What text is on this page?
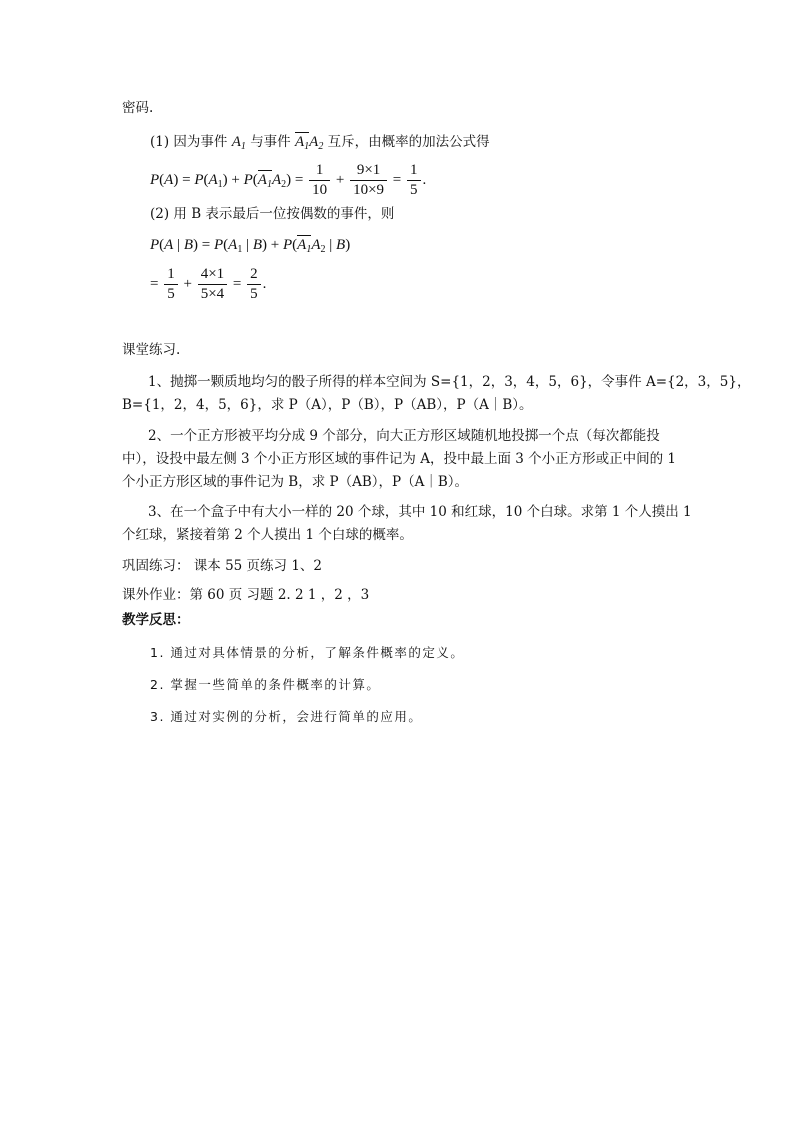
密码.
(1) 因为事件 $A_1$ 与事件 $A_1A_2$ 互斥，由概率的加法公式得
$P(A) = P(A_1) + P(A_1A_2) = \frac{1}{10} + \frac{9\times 1}{10\times 9} = \frac{1}{5}$ .
(2) 用 B 表示最后一位按偶数的事件，则
P(A | $B) = P(A_1$ | $B) + P(A_1A_2$ | B)
= $\frac{1}{5} + \frac{4\times 1}{5\times 4} = \frac{2}{5}$ .
课堂练习.
1、抛掷一颗质地均匀的骰子所得的样本空间为 S={1，2，3，4，5，6}，令事件 A={2，3，5}，
B={1，2，4，5，6}，求 P（A），P（B），P（AB），P（A｜B）。
2、一个正方形被平均分成 9 个部分，向大正方形区域随机地投掷一个点（每次都能投
中），设投中最左侧 3 个小正方形区域的事件记为 A，投中最上面 3 个小正方形或正中间的 1
个小正方形区域的事件记为 B，求 P（AB），P（A｜B）。
3、在一个盒子中有大小一样的 20 个球，其中 10 和红球，10 个白球。求第 1 个人摸出 1
个红球，紧接着第 2 个人摸出 1 个白球的概率。
巩固练习： 课本 55 页练习 1、2
课外作业：第 60 页 习题 2. 2 1 ，2 ，3
教学反思：
1. 通过对具体情景的分析，了解条件概率的定义。
2. 掌握一些简单的条件概率的计算。
3. 通过对实例的分析，会进行简单的应用。
